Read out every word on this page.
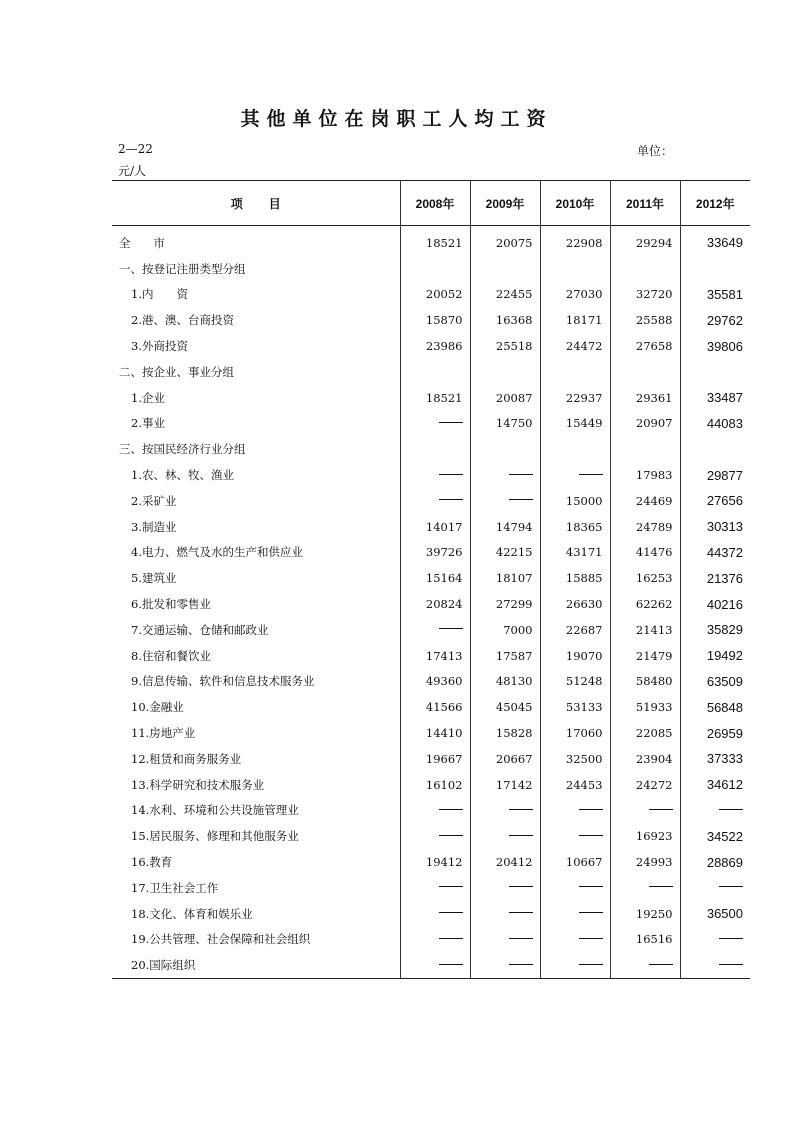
其他单位在岗职工人均工资
2—22	单位：
元/人
项目	2008年	2009年	2010年	2011年	2012年
全　　市	18521	20075	22908	29294	33649
一、按登记注册类型分组					
1.内　　资	20052	22455	27030	32720	35581
2.港、澳、台商投资	15870	16368	18171	25588	29762
3.外商投资	23986	25518	24472	27658	39806
二、按企业、事业分组					
1.企业	18521	20087	22937	29361	33487
2.事业		14750	15449	20907	44083
三、按国民经济行业分组					
1.农、林、牧、渔业				17983	29877
2.采矿业			15000	24469	27656
3.制造业	14017	14794	18365	24789	30313
4.电力、燃气及水的生产和供应业	39726	42215	43171	41476	44372
5.建筑业	15164	18107	15885	16253	21376
6.批发和零售业	20824	27299	26630	62262	40216
7.交通运输、仓储和邮政业		7000	22687	21413	35829
8.住宿和餐饮业	17413	17587	19070	21479	19492
9.信息传输、软件和信息技术服务业	49360	48130	51248	58480	63509
10.金融业	41566	45045	53133	51933	56848
11.房地产业	14410	15828	17060	22085	26959
12.租赁和商务服务业	19667	20667	32500	23904	37333
13.科学研究和技术服务业	16102	17142	24453	24272	34612
14.水利、环境和公共设施管理业					
15.居民服务、修理和其他服务业				16923	34522
16.教育	19412	20412	10667	24993	28869
17.卫生社会工作					
18.文化、体育和娱乐业				19250	36500
19.公共管理、社会保障和社会组织				16516	
20.国际组织					
